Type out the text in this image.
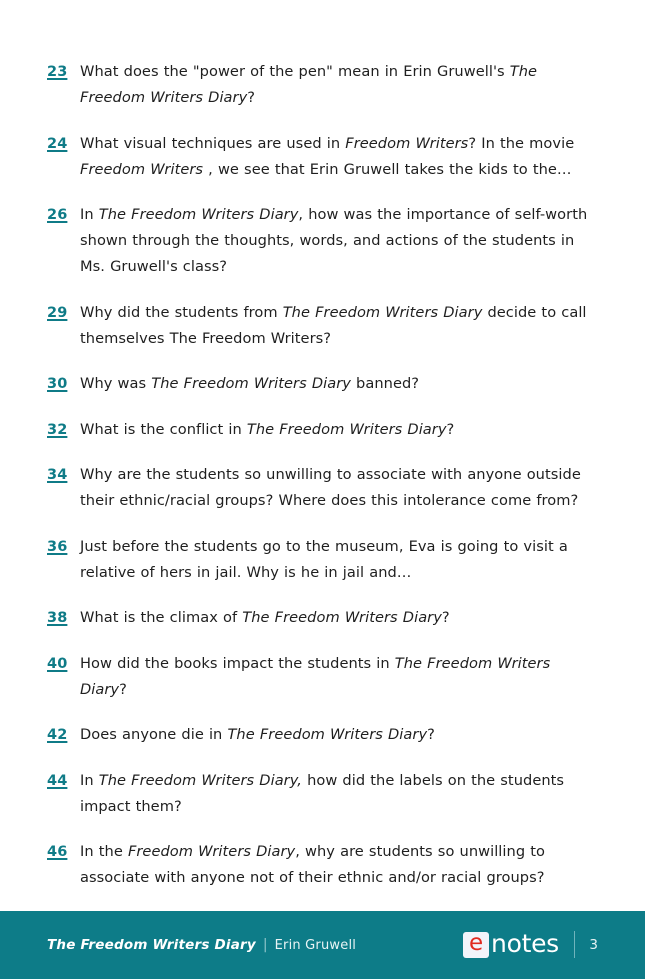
23 What does the "power of the pen" mean in Erin Gruwell's The Freedom Writers Diary?
24 What visual techniques are used in Freedom Writers? In the movie Freedom Writers , we see that Erin Gruwell takes the kids to the…
26 In The Freedom Writers Diary, how was the importance of self-worth shown through the thoughts, words, and actions of the students in Ms. Gruwell's class?
29 Why did the students from The Freedom Writers Diary decide to call themselves The Freedom Writers?
30 Why was The Freedom Writers Diary banned?
32 What is the conflict in The Freedom Writers Diary?
34 Why are the students so unwilling to associate with anyone outside their ethnic/racial groups? Where does this intolerance come from?
36 Just before the students go to the museum, Eva is going to visit a relative of hers in jail. Why is he in jail and…
38 What is the climax of The Freedom Writers Diary?
40 How did the books impact the students in The Freedom Writers Diary?
42 Does anyone die in The Freedom Writers Diary?
44 In The Freedom Writers Diary, how did the labels on the students impact them?
46 In the Freedom Writers Diary, why are students so unwilling to associate with anyone not of their ethnic and/or racial groups?
The Freedom Writers Diary | Erin Gruwell	e notes 3
